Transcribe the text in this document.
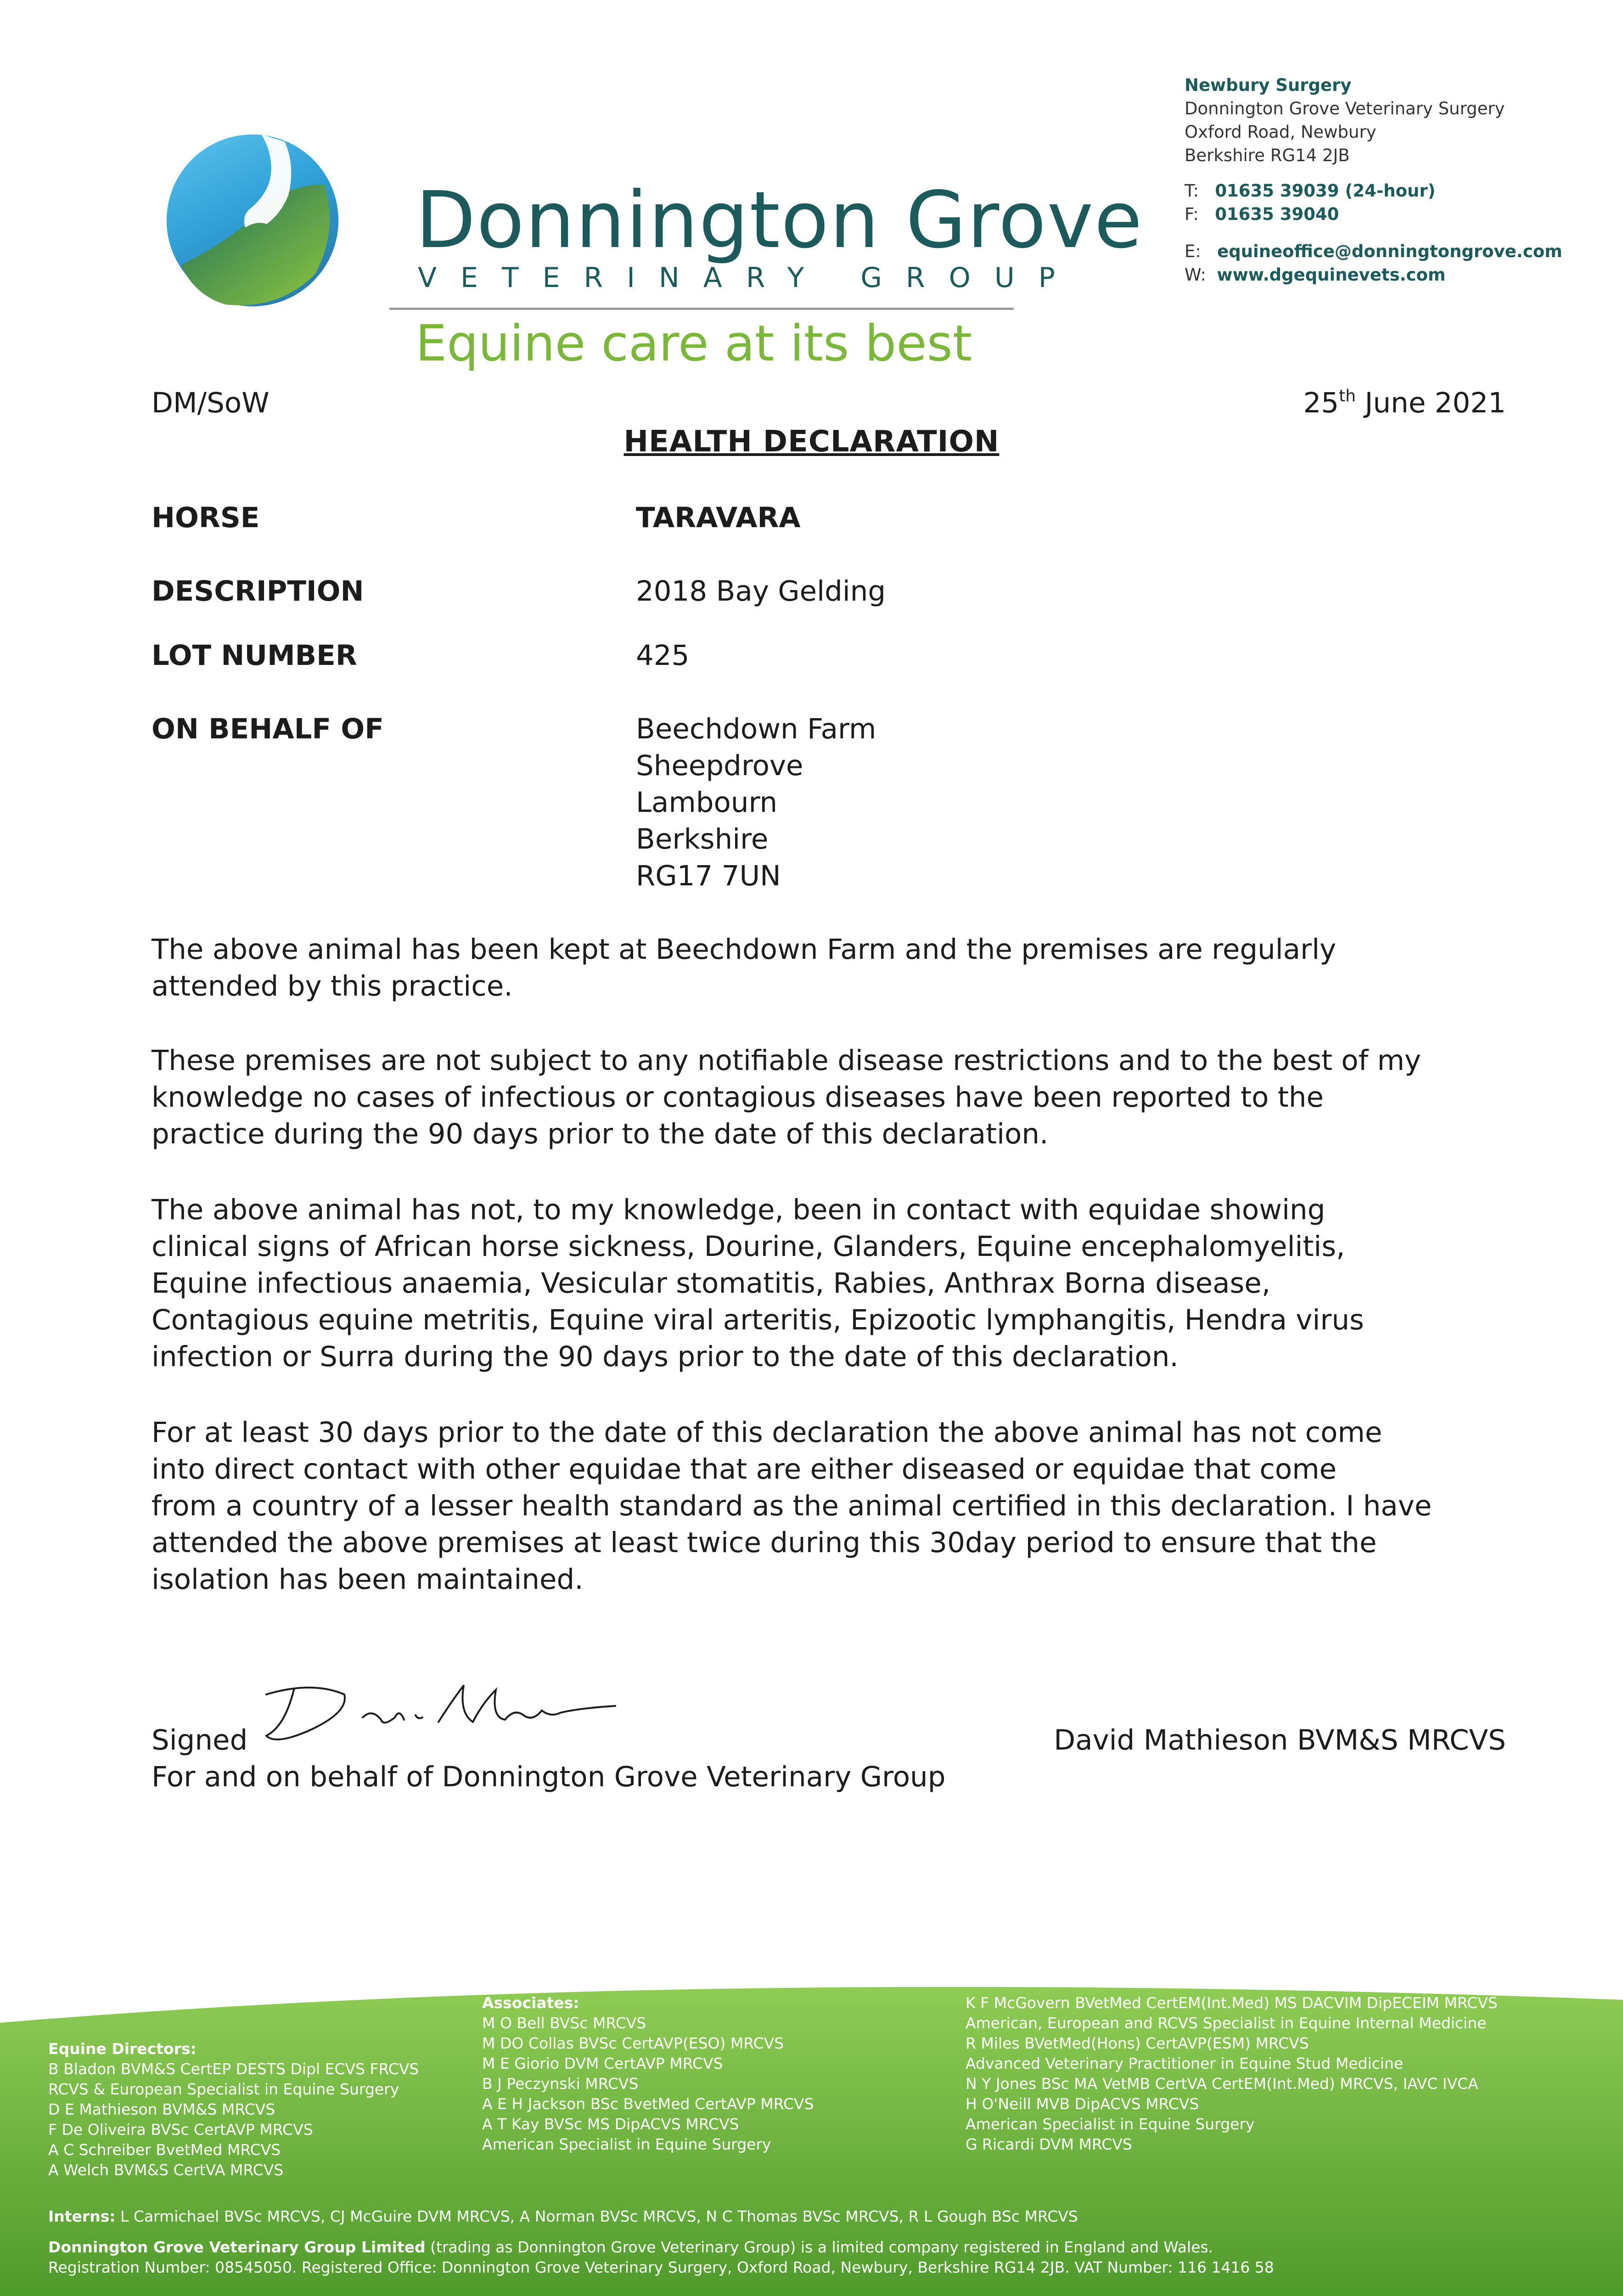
Donnington Grove
VETERINARY GROUP
Equine care at its best
Newbury Surgery
Donnington Grove Veterinary Surgery
Oxford Road, Newbury
Berkshire RG14 2JB
T: 01635 39039 (24-hour)
F: 01635 39040
E: equineoffice@donningtongrove.com
W: www.dgequinevets.com
DM/SoW	25th June 2021
HEALTH DECLARATION
HORSE	TARAVARA
DESCRIPTION	2018 Bay Gelding
LOT NUMBER	425
ON BEHALF OF	Beechdown Farm
Sheepdrove
Lambourn
Berkshire
RG17 7UN
The above animal has been kept at Beechdown Farm and the premises are regularly
attended by this practice.
These premises are not subject to any notifiable disease restrictions and to the best of my
knowledge no cases of infectious or contagious diseases have been reported to the
practice during the 90 days prior to the date of this declaration.
The above animal has not, to my knowledge, been in contact with equidae showing
clinical signs of African horse sickness, Dourine, Glanders, Equine encephalomyelitis,
Equine infectious anaemia, Vesicular stomatitis, Rabies, Anthrax Borna disease,
Contagious equine metritis, Equine viral arteritis, Epizootic lymphangitis, Hendra virus
infection or Surra during the 90 days prior to the date of this declaration.
For at least 30 days prior to the date of this declaration the above animal has not come
into direct contact with other equidae that are either diseased or equidae that come
from a country of a lesser health standard as the animal certified in this declaration. I have
attended the above premises at least twice during this 30day period to ensure that the
isolation has been maintained.
Signed
For and on behalf of Donnington Grove Veterinary Group
David Mathieson BVM&S MRCVS
Equine Directors:
B Bladon BVM&S CertEP DESTS Dipl ECVS FRCVS
RCVS & European Specialist in Equine Surgery
D E Mathieson BVM&S MRCVS
F De Oliveira BVSc CertAVP MRCVS
A C Schreiber BvetMed MRCVS
A Welch BVM&S CertVA MRCVS
Associates:
M O Bell BVSc MRCVS
M DO Collas BVSc CertAVP(ESO) MRCVS
M E Giorio DVM CertAVP MRCVS
B J Peczynski MRCVS
A E H Jackson BSc BvetMed CertAVP MRCVS
A T Kay BVSc MS DipACVS MRCVS
American Specialist in Equine Surgery
K F McGovern BVetMed CertEM(Int.Med) MS DACVIM DipECEIM MRCVS
American, European and RCVS Specialist in Equine Internal Medicine
R Miles BVetMed(Hons) CertAVP(ESM) MRCVS
Advanced Veterinary Practitioner in Equine Stud Medicine
N Y Jones BSc MA VetMB CertVA CertEM(Int.Med) MRCVS, IAVC IVCA
H O'Neill MVB DipACVS MRCVS
American Specialist in Equine Surgery
G Ricardi DVM MRCVS
Interns: L Carmichael BVSc MRCVS, CJ McGuire DVM MRCVS, A Norman BVSc MRCVS, N C Thomas BVSc MRCVS, R L Gough BSc MRCVS
Donnington Grove Veterinary Group Limited (trading as Donnington Grove Veterinary Group) is a limited company registered in England and Wales.
Registration Number: 08545050. Registered Office: Donnington Grove Veterinary Surgery, Oxford Road, Newbury, Berkshire RG14 2JB. VAT Number: 116 1416 58
